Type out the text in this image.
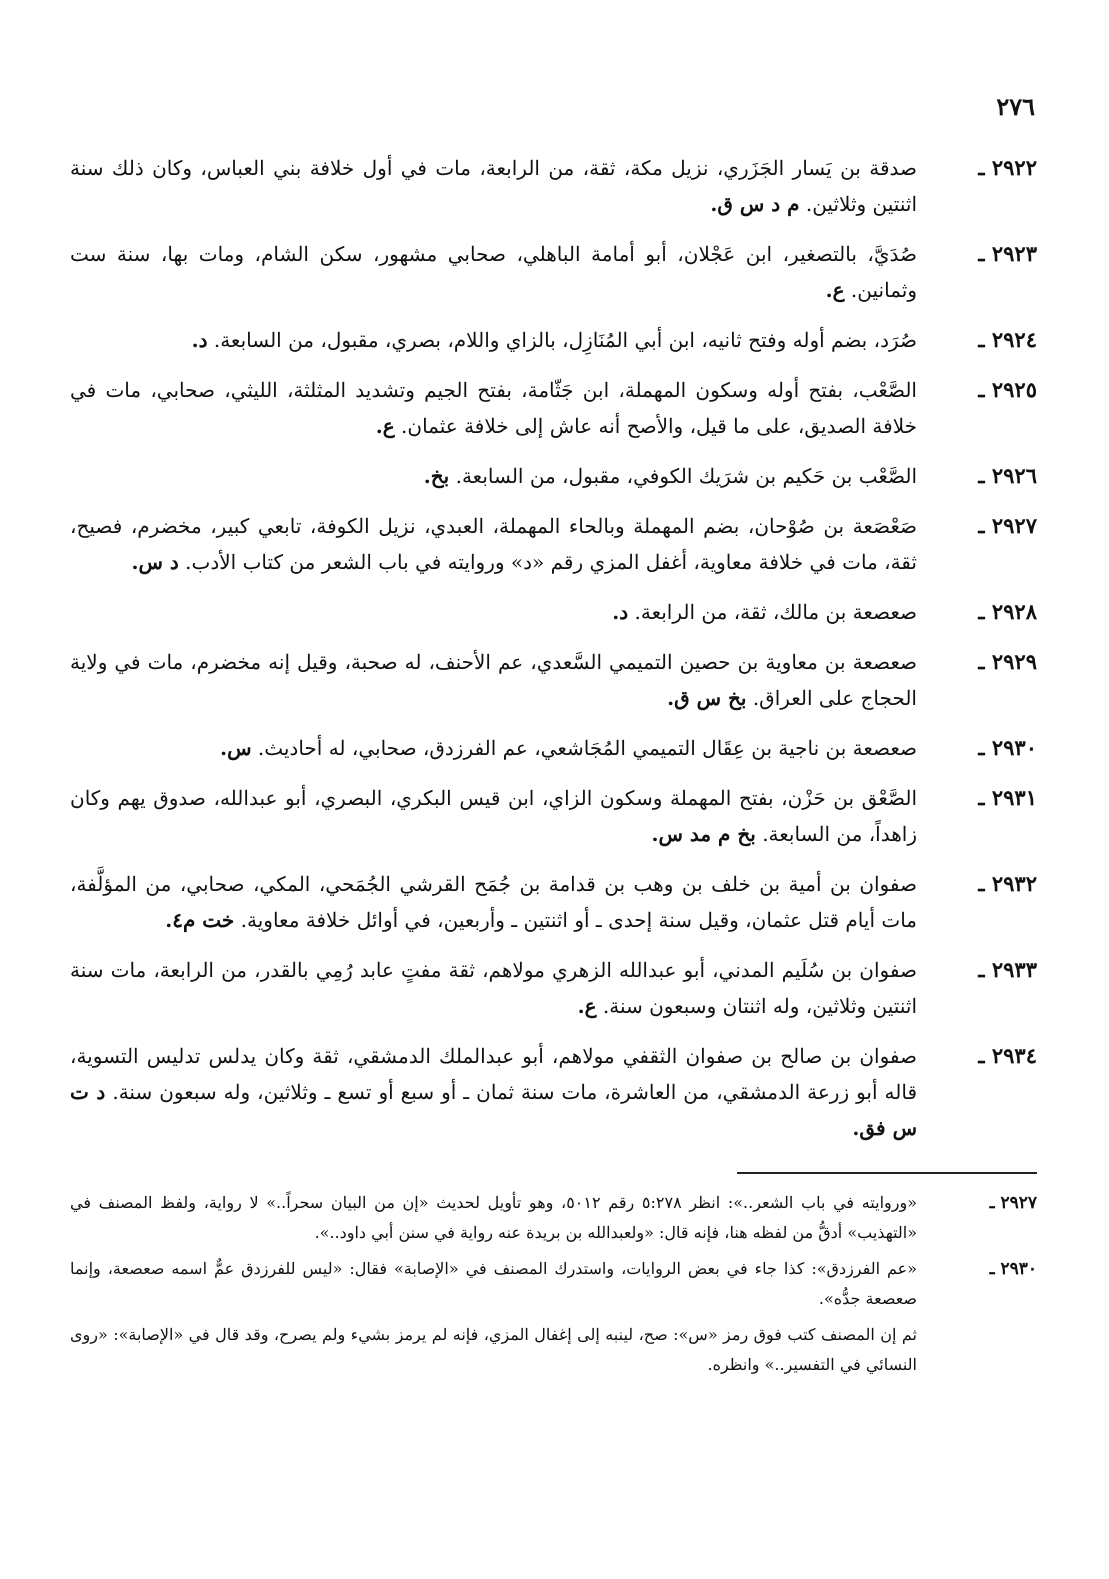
٢٧٦
٢٩٢٢ ـ
صدقة بن يَسار الجَزَري، نزيل مكة، ثقة، من الرابعة، مات في أول خلافة بني العباس، وكان ذلك سنة اثنتين وثلاثين. م د س ق.
٢٩٢٣ ـ
صُدَيَّ، بالتصغير، ابن عَجْلان، أبو أمامة الباهلي، صحابي مشهور، سكن الشام، ومات بها، سنة ست وثمانين. ع.
٢٩٢٤ ـ
صُرَد، بضم أوله وفتح ثانيه، ابن أبي المُنَازِل، بالزاي واللام، بصري، مقبول، من السابعة. د.
٢٩٢٥ ـ
الصَّعْب، بفتح أوله وسكون المهملة، ابن جَثّامة، بفتح الجيم وتشديد المثلثة، الليثي، صحابي، مات في خلافة الصديق، على ما قيل، والأصح أنه عاش إلى خلافة عثمان. ع.
٢٩٢٦ ـ
الصَّعْب بن حَكيم بن شرَيك الكوفي، مقبول، من السابعة. بخ.
٢٩٢٧ ـ
صَعْصَعة بن صُوْحان، بضم المهملة وبالحاء المهملة، العبدي، نزيل الكوفة، تابعي كبير، مخضرم، فصيح، ثقة، مات في خلافة معاوية، أغفل المزي رقم «د» وروايته في باب الشعر من كتاب الأدب. د س.
٢٩٢٨ ـ
صعصعة بن مالك، ثقة، من الرابعة. د.
٢٩٢٩ ـ
صعصعة بن معاوية بن حصين التميمي السَّعدي، عم الأحنف، له صحبة، وقيل إنه مخضرم، مات في ولاية الحجاج على العراق. بخ س ق.
٢٩٣٠ ـ
صعصعة بن ناجية بن عِقَال التميمي المُجَاشعي، عم الفرزدق، صحابي، له أحاديث. س.
٢٩٣١ ـ
الصَّعْق بن حَزْن، بفتح المهملة وسكون الزاي، ابن قيس البكري، البصري، أبو عبدالله، صدوق يهم وكان زاهداً، من السابعة. بخ م مد س.
٢٩٣٢ ـ
صفوان بن أمية بن خلف بن وهب بن قدامة بن جُمَح القرشي الجُمَحي، المكي، صحابي، من المؤلَّفة، مات أيام قتل عثمان، وقيل سنة إحدى ـ أو اثنتين ـ وأربعين، في أوائل خلافة معاوية. خت م٤.
٢٩٣٣ ـ
صفوان بن سُلَيم المدني، أبو عبدالله الزهري مولاهم، ثقة مفتٍ عابد رُمِي بالقدر، من الرابعة، مات سنة اثنتين وثلاثين، وله اثنتان وسبعون سنة. ع.
٢٩٣٤ ـ
صفوان بن صالح بن صفوان الثقفي مولاهم، أبو عبدالملك الدمشقي، ثقة وكان يدلس تدليس التسوية، قاله أبو زرعة الدمشقي، من العاشرة، مات سنة ثمان ـ أو سبع أو تسع ـ وثلاثين، وله سبعون سنة. د ت س فق.
٢٩٢٧ ـ
«وروايته في باب الشعر..»: انظر ٥:٢٧٨ رقم ٥٠١٢، وهو تأويل لحديث «إن من البيان سحراً..» لا رواية، ولفظ المصنف في «التهذيب» أدقُّ من لفظه هنا، فإنه قال: «ولعبدالله بن بريدة عنه رواية في سنن أبي داود..».
٢٩٣٠ ـ
«عم الفرزدق»: كذا جاء في بعض الروايات، واستدرك المصنف في «الإصابة» فقال: «ليس للفرزدق عمٌّ اسمه صعصعة، وإنما صعصعة جدُّه».
ثم إن المصنف كتب فوق رمز «س»: صح، لينبه إلى إغفال المزي، فإنه لم يرمز بشيء ولم يصرح، وقد قال في «الإصابة»: «روى النسائي في التفسير..» وانظره.
